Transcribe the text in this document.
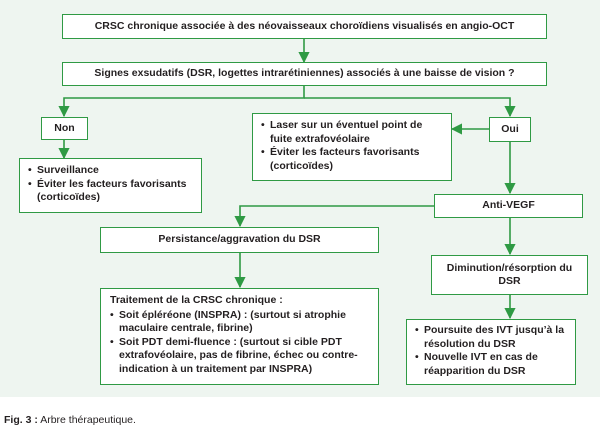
CRSC chronique associée à des néovaisseaux choroïdiens visualisés en angio-OCT
Signes exsudatifs (DSR, logettes intrarétiniennes) associés à une baisse de vision ?
Non
• Surveillance
• Éviter les facteurs favorisants (corticoïdes)
• Laser sur un éventuel point de fuite extrafovéolaire
• Éviter les facteurs favorisants (corticoïdes)
Oui
Anti-VEGF
Persistance/aggravation du DSR
Diminution/résorption du DSR
Traitement de la CRSC chronique :
• Soit épléréone (INSPRA) : (surtout si atrophie maculaire centrale, fibrine)
• Soit PDT demi-fluence : (surtout si cible PDT extrafovéolaire, pas de fibrine, échec ou contre-indication à un traitement par INSPRA)
• Poursuite des IVT jusqu’à la résolution du DSR
• Nouvelle IVT en cas de réapparition du DSR
Fig. 3 : Arbre thérapeutique.
